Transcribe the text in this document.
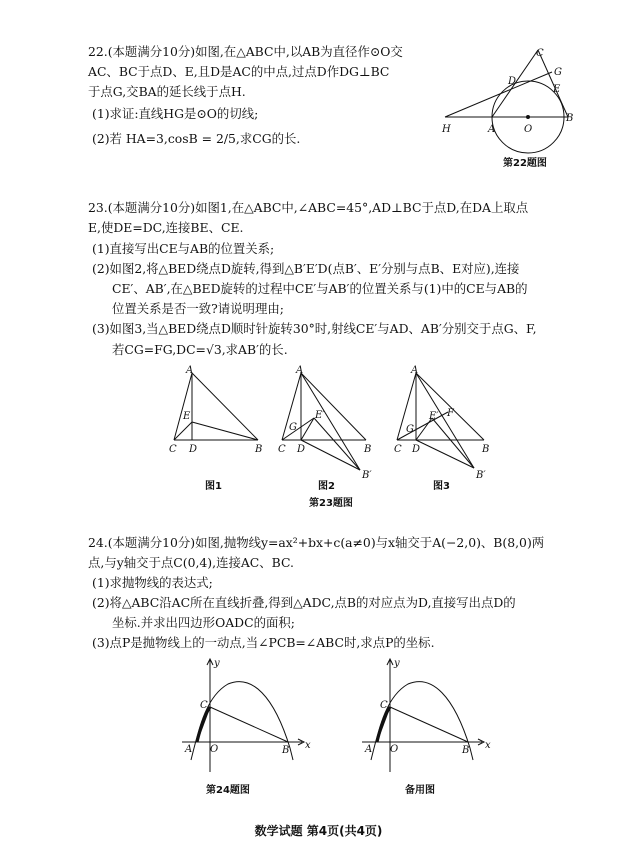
22.(本题满分10分)如图,在△ABC中,以AB为直径作⊙O交
AC、BC于点D、E,且D是AC的中点,过点D作DG⊥BC
于点G,交BA的延长线于点H.
(1)求证:直线HG是⊙O的切线;
(2)若 HA=3,cosB = 2/5,求CG的长.
C
D
G
E
H	A	O
B
第22题图
23.(本题满分10分)如图1,在△ABC中,∠ABC=45°,AD⊥BC于点D,在DA上取点
E,使DE=DC,连接BE、CE.
(1)直接写出CE与AB的位置关系;
(2)如图2,将△BED绕点D旋转,得到△B′E′D(点B′、E′分别与点B、E对应),连接
CE′、AB′,在△BED旋转的过程中CE′与AB′的位置关系与(1)中的CE与AB的
位置关系是否一致?请说明理由;
(3)如图3,当△BED绕点D顺时针旋转30°时,射线CE′与AD、AB′分别交于点G、F,
若CG=FG,DC=√3,求AB′的长.
A
E
C D	B
A
E′
G
C D	B
B′
A
E′ F
G
C D	B
B′
图1	图2	图3
第23题图
24.(本题满分10分)如图,抛物线y=ax²+bx+c(a≠0)与x轴交于A(−2,0)、B(8,0)两
点,与y轴交于点C(0,4),连接AC、BC.
(1)求抛物线的表达式;
(2)将△ABC沿AC所在直线折叠,得到△ADC,点B的对应点为D,直接写出点D的
坐标.并求出四边形OADC的面积;
(3)点P是抛物线上的一动点,当∠PCB=∠ABC时,求点P的坐标.
y
C
A O	B x
y
C
A O	B x
第24题图	备用图
数学试题 第4页(共4页)
